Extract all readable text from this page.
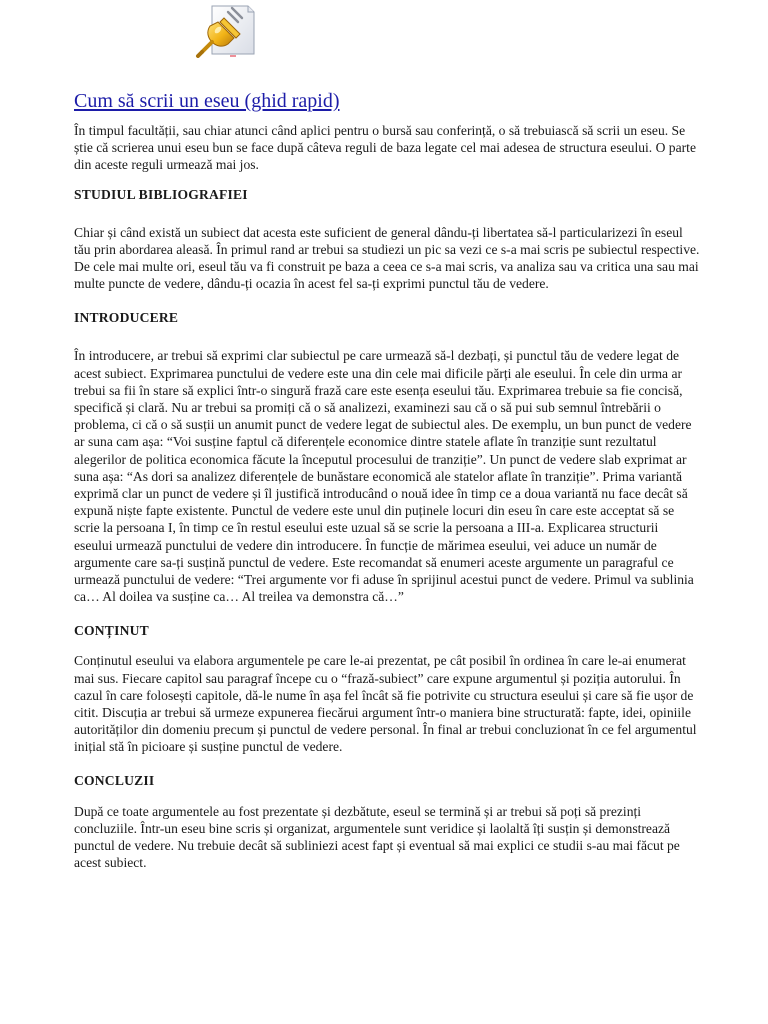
Cum să scrii un eseu (ghid rapid)

În timpul facultății, sau chiar atunci când aplici pentru o bursă sau conferință, o să trebuiască să scrii un eseu. Se știe că scrierea unui eseu bun se face după câteva reguli de baza legate cel mai adesea de structura eseului. O parte din aceste reguli urmează mai jos.

STUDIUL BIBLIOGRAFIEI

Chiar și când există un subiect dat acesta este suficient de general dându-ți libertatea să-l particularizezi în eseul tău prin abordarea aleasă. În primul rand ar trebui sa studiezi un pic sa vezi ce s-a mai scris pe subiectul respective. De cele mai multe ori, eseul tău va fi construit pe baza a ceea ce s-a mai scris, va analiza sau va critica una sau mai multe puncte de vedere, dându-ți ocazia în acest fel sa-ți exprimi punctul tău de vedere.

INTRODUCERE

În introducere, ar trebui să exprimi clar subiectul pe care urmează să-l dezbați, și punctul tău de vedere legat de acest subiect. Exprimarea punctului de vedere este una din cele mai dificile părți ale eseului. În cele din urma ar trebui sa fii în stare să explici într-o singură frază care este esența eseului tău. Exprimarea trebuie sa fie concisă, specifică și clară. Nu ar trebui sa promiți că o să analizezi, examinezi sau că o să pui sub semnul întrebării o problema, ci că o să susții un anumit punct de vedere legat de subiectul ales. De exemplu, un bun punct de vedere ar suna cam așa: “Voi susține faptul că diferențele economice dintre statele aflate în tranziție sunt rezultatul alegerilor de politica economica făcute la începutul procesului de tranziție”. Un punct de vedere slab exprimat ar suna așa: “As dori sa analizez diferențele de bunăstare economică ale statelor aflate în tranziție”. Prima variantă exprimă clar un punct de vedere și îl justifică introducând o nouă idee în timp ce a doua variantă nu face decât să expună niște fapte existente. Punctul de vedere este unul din puținele locuri din eseu în care este acceptat să se scrie la persoana I, în timp ce în restul eseului este uzual să se scrie la persoana a III-a. Explicarea structurii eseului urmează punctului de vedere din introducere. În funcție de mărimea eseului, vei aduce un număr de argumente care sa-ți susțină punctul de vedere. Este recomandat să enumeri aceste argumente un paragraful ce urmează punctului de vedere: “Trei argumente vor fi aduse în sprijinul acestui punct de vedere. Primul va sublinia ca… Al doilea va susține ca… Al treilea va demonstra că…”

CONȚINUT

Conținutul eseului va elabora argumentele pe care le-ai prezentat, pe cât posibil în ordinea în care le-ai enumerat mai sus. Fiecare capitol sau paragraf începe cu o “frază-subiect” care expune argumentul și poziția autorului. În cazul în care folosești capitole, dă-le nume în așa fel încât să fie potrivite cu structura eseului și care să fie ușor de citit. Discuția ar trebui să urmeze expunerea fiecărui argument într-o maniera bine structurată: fapte, idei, opiniile autorităților din domeniu precum și punctul de vedere personal. În final ar trebui concluzionat în ce fel argumentul inițial stă în picioare și susține punctul de vedere.

CONCLUZII

După ce toate argumentele au fost prezentate și dezbătute, eseul se termină și ar trebui să poți să prezinți concluziile. Într-un eseu bine scris și organizat, argumentele sunt veridice și laolaltă îți susțin și demonstrează punctul de vedere. Nu trebuie decât să subliniezi acest fapt și eventual să mai explici ce studii s-au mai făcut pe acest subiect.
